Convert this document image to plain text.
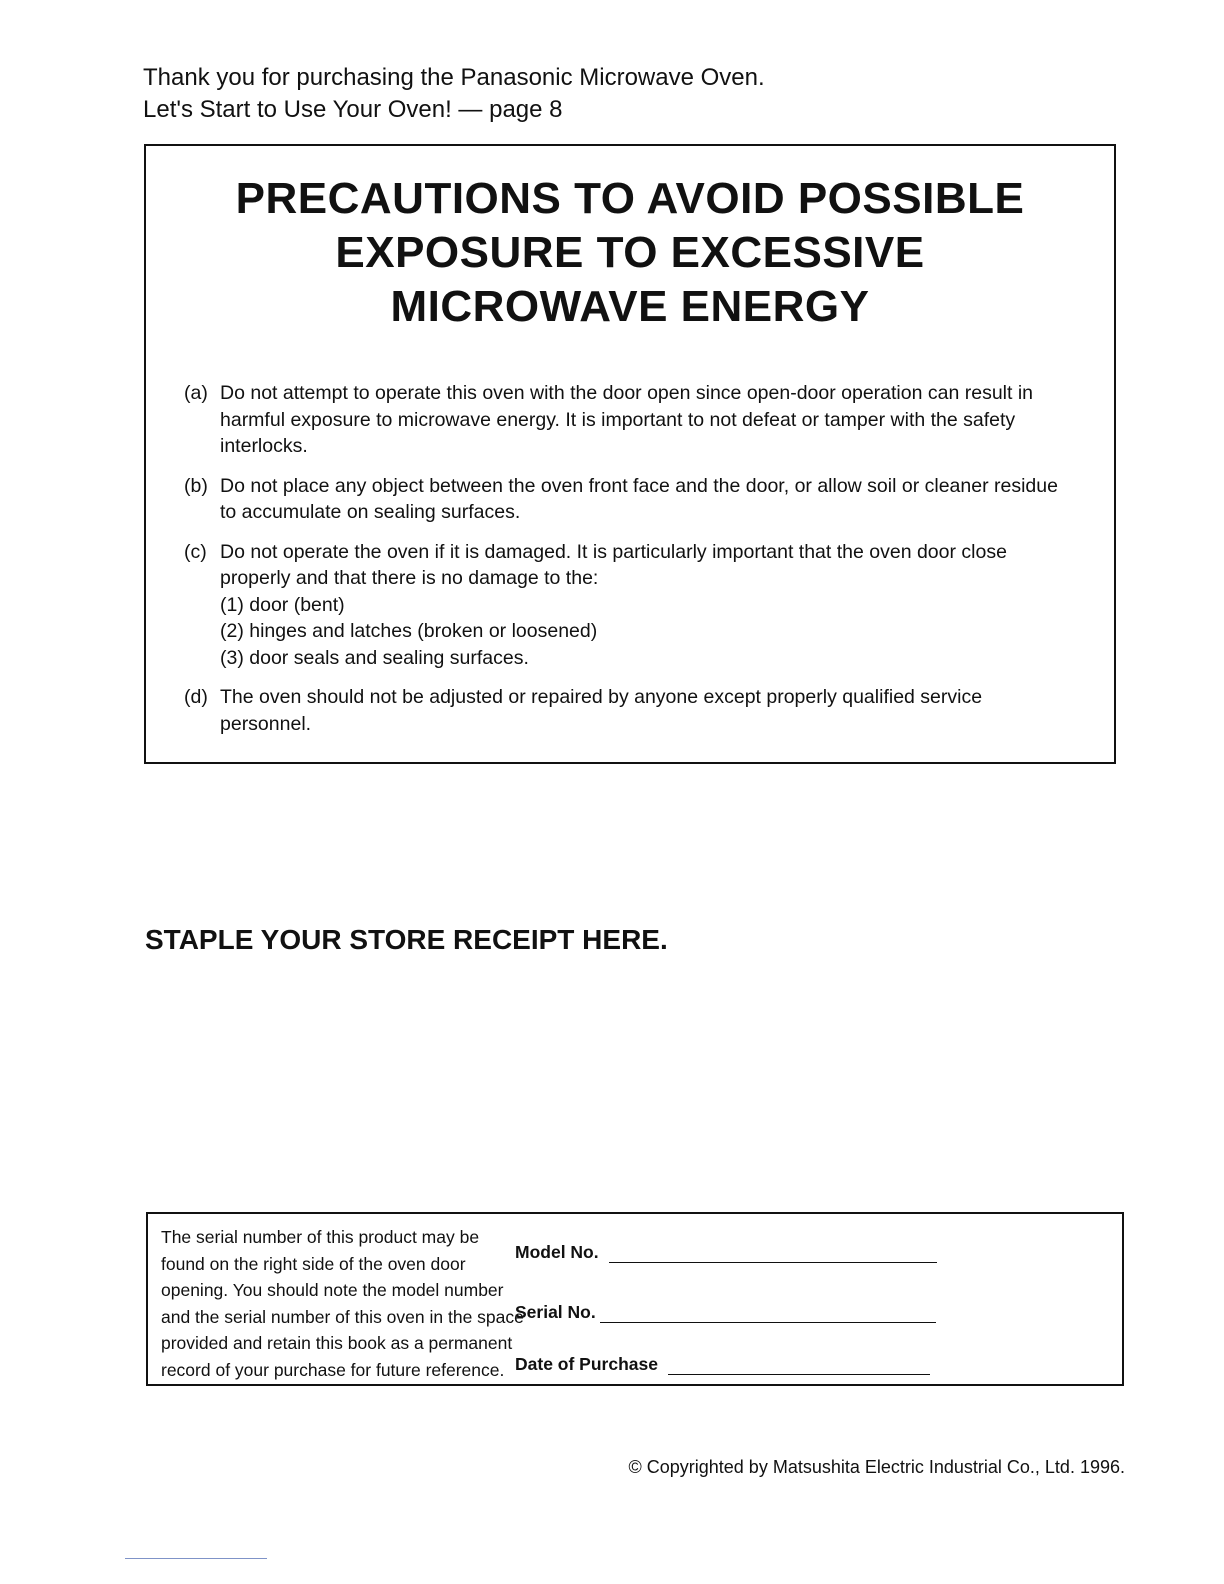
Thank you for purchasing the Panasonic Microwave Oven.
Let's Start to Use Your Oven! — page 8
PRECAUTIONS TO AVOID POSSIBLE
EXPOSURE TO EXCESSIVE
MICROWAVE ENERGY
(a) Do not attempt to operate this oven with the door open since open-door operation can result in harmful exposure to microwave energy. It is important to not defeat or tamper with the safety interlocks.
(b) Do not place any object between the oven front face and the door, or allow soil or cleaner residue to accumulate on sealing surfaces.
(c) Do not operate the oven if it is damaged. It is particularly important that the oven door close properly and that there is no damage to the:
(1) door (bent)
(2) hinges and latches (broken or loosened)
(3) door seals and sealing surfaces.
(d) The oven should not be adjusted or repaired by anyone except properly qualified service personnel.
STAPLE YOUR STORE RECEIPT HERE.
The serial number of this product may be
found on the right side of the oven door
opening. You should note the model number
and the serial number of this oven in the space
provided and retain this book as a permanent
record of your purchase for future reference.
Model No.
Serial No.
Date of Purchase
© Copyrighted by Matsushita Electric Industrial Co., Ltd. 1996.
